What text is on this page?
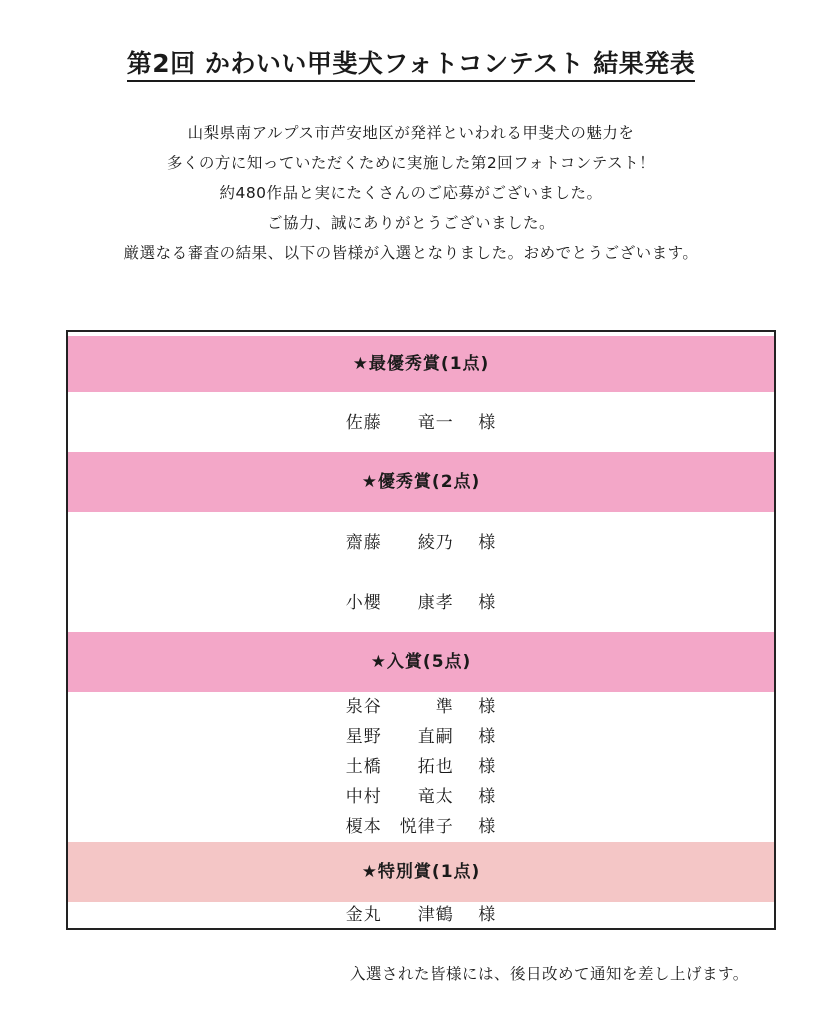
第2回 かわいい甲斐犬フォトコンテスト 結果発表
山梨県南アルプス市芦安地区が発祥といわれる甲斐犬の魅力を
多くの方に知っていただくために実施した第2回フォトコンテスト！
約480作品と実にたくさんのご応募がございました。
ご協力、誠にありがとうございました。
厳選なる審査の結果、以下の皆様が入選となりました。おめでとうございます。
★最優秀賞(1点)
佐藤　　竜一　 様
★優秀賞(2点)
齋藤　　綾乃　 様
小櫻　　康孝　 様
★入賞(5点)
泉谷　　　準　 様
星野　　直嗣　 様
土橋　　拓也　 様
中村　　竜太　 様
榎本　悦律子　 様
★特別賞(1点)
金丸　　津鶴　 様
入選された皆様には、後日改めて通知を差し上げます。
